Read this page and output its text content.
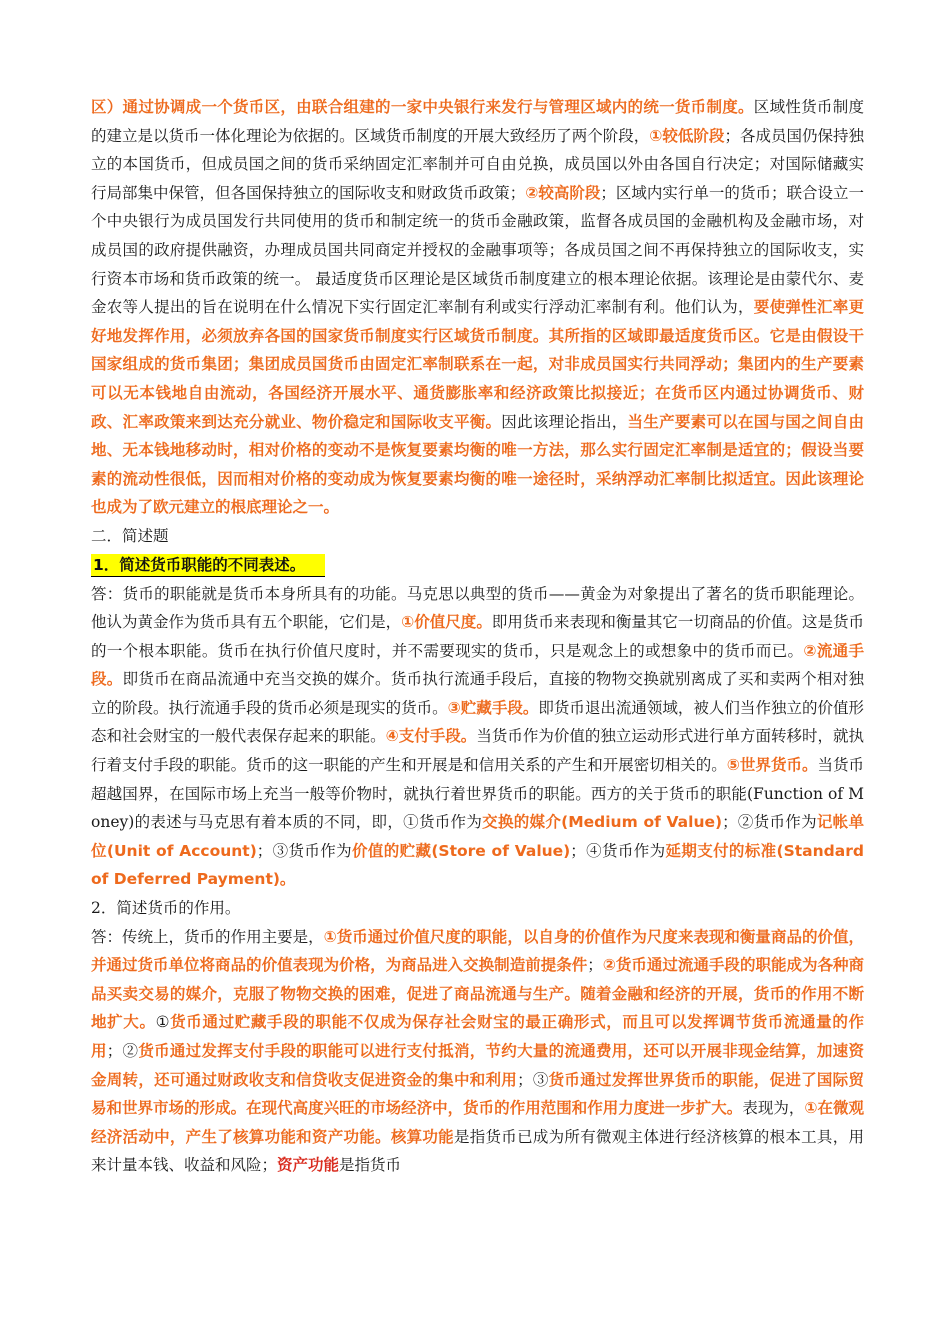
区）通过协调成一个货币区，由联合组建的一家中央银行来发行与管理区域内的统一货币制度。区域性货币制度的建立是以货币一体化理论为依据的。区域货币制度的开展大致经历了两个阶段，①较低阶段；各成员国仍保持独立的本国货币，但成员国之间的货币采纳固定汇率制并可自由兑换，成员国以外由各国自行决定；对国际储藏实行局部集中保管，但各国保持独立的国际收支和财政货币政策；②较高阶段；区域内实行单一的货币；联合设立一个中央银行为成员国发行共同使用的货币和制定统一的货币金融政策，监督各成员国的金融机构及金融市场，对成员国的政府提供融资，办理成员国共同商定并授权的金融事项等；各成员国之间不再保持独立的国际收支，实行资本市场和货币政策的统一。 最适度货币区理论是区域货币制度建立的根本理论依据。该理论是由蒙代尔、麦金农等人提出的旨在说明在什么情况下实行固定汇率制有利或实行浮动汇率制有利。他们认为，要使弹性汇率更好地发挥作用，必须放弃各国的国家货币制度实行区域货币制度。其所指的区域即最适度货币区。它是由假设干国家组成的货币集团；集团成员国货币由固定汇率制联系在一起，对非成员国实行共同浮动；集团内的生产要素可以无本钱地自由流动，各国经济开展水平、通货膨胀率和经济政策比拟接近；在货币区内通过协调货币、财政、汇率政策来到达充分就业、物价稳定和国际收支平衡。因此该理论指出，当生产要素可以在国与国之间自由地、无本钱地移动时，相对价格的变动不是恢复要素均衡的唯一方法，那么实行固定汇率制是适宜的；假设当要素的流动性很低，因而相对价格的变动成为恢复要素均衡的唯一途径时，采纳浮动汇率制比拟适宜。因此该理论也成为了欧元建立的根底理论之一。

二．简述题

1．简述货币职能的不同表述。

答：货币的职能就是货币本身所具有的功能。马克思以典型的货币——黄金为对象提出了著名的货币职能理论。他认为黄金作为货币具有五个职能，它们是，①价值尺度。即用货币来表现和衡量其它一切商品的价值。这是货币的一个根本职能。货币在执行价值尺度时，并不需要现实的货币，只是观念上的或想象中的货币而已。②流通手段。即货币在商品流通中充当交换的媒介。货币执行流通手段后，直接的物物交换就别离成了买和卖两个相对独立的阶段。执行流通手段的货币必须是现实的货币。③贮藏手段。即货币退出流通领域，被人们当作独立的价值形态和社会财宝的一般代表保存起来的职能。④支付手段。当货币作为价值的独立运动形式进行单方面转移时，就执行着支付手段的职能。货币的这一职能的产生和开展是和信用关系的产生和开展密切相关的。⑤世界货币。当货币超越国界，在国际市场上充当一般等价物时，就执行着世界货币的职能。西方的关于货币的职能(Function of Money)的表述与马克思有着本质的不同，即，①货币作为交换的媒介(Medium of Value)；②货币作为记帐单位(Unit of Account)；③货币作为价值的贮藏(Store of Value)；④货币作为延期支付的标准(Standard of Deferred Payment)。

2．简述货币的作用。

答：传统上，货币的作用主要是，①货币通过价值尺度的职能，以自身的价值作为尺度来表现和衡量商品的价值，并通过货币单位将商品的价值表现为价格，为商品进入交换制造前提条件；②货币通过流通手段的职能成为各种商品买卖交易的媒介，克服了物物交换的困难，促进了商品流通与生产。随着金融和经济的开展，货币的作用不断地扩大。①货币通过贮藏手段的职能不仅成为保存社会财宝的最正确形式，而且可以发挥调节货币流通量的作用；②货币通过发挥支付手段的职能可以进行支付抵消，节约大量的流通费用，还可以开展非现金结算，加速资金周转，还可通过财政收支和信贷收支促进资金的集中和利用；③货币通过发挥世界货币的职能，促进了国际贸易和世界市场的形成。在现代高度兴旺的市场经济中，货币的作用范围和作用力度进一步扩大。表现为，①在微观经济活动中，产生了核算功能和资产功能。核算功能是指货币已成为所有微观主体进行经济核算的根本工具，用来计量本钱、收益和风险；资产功能是指货币
